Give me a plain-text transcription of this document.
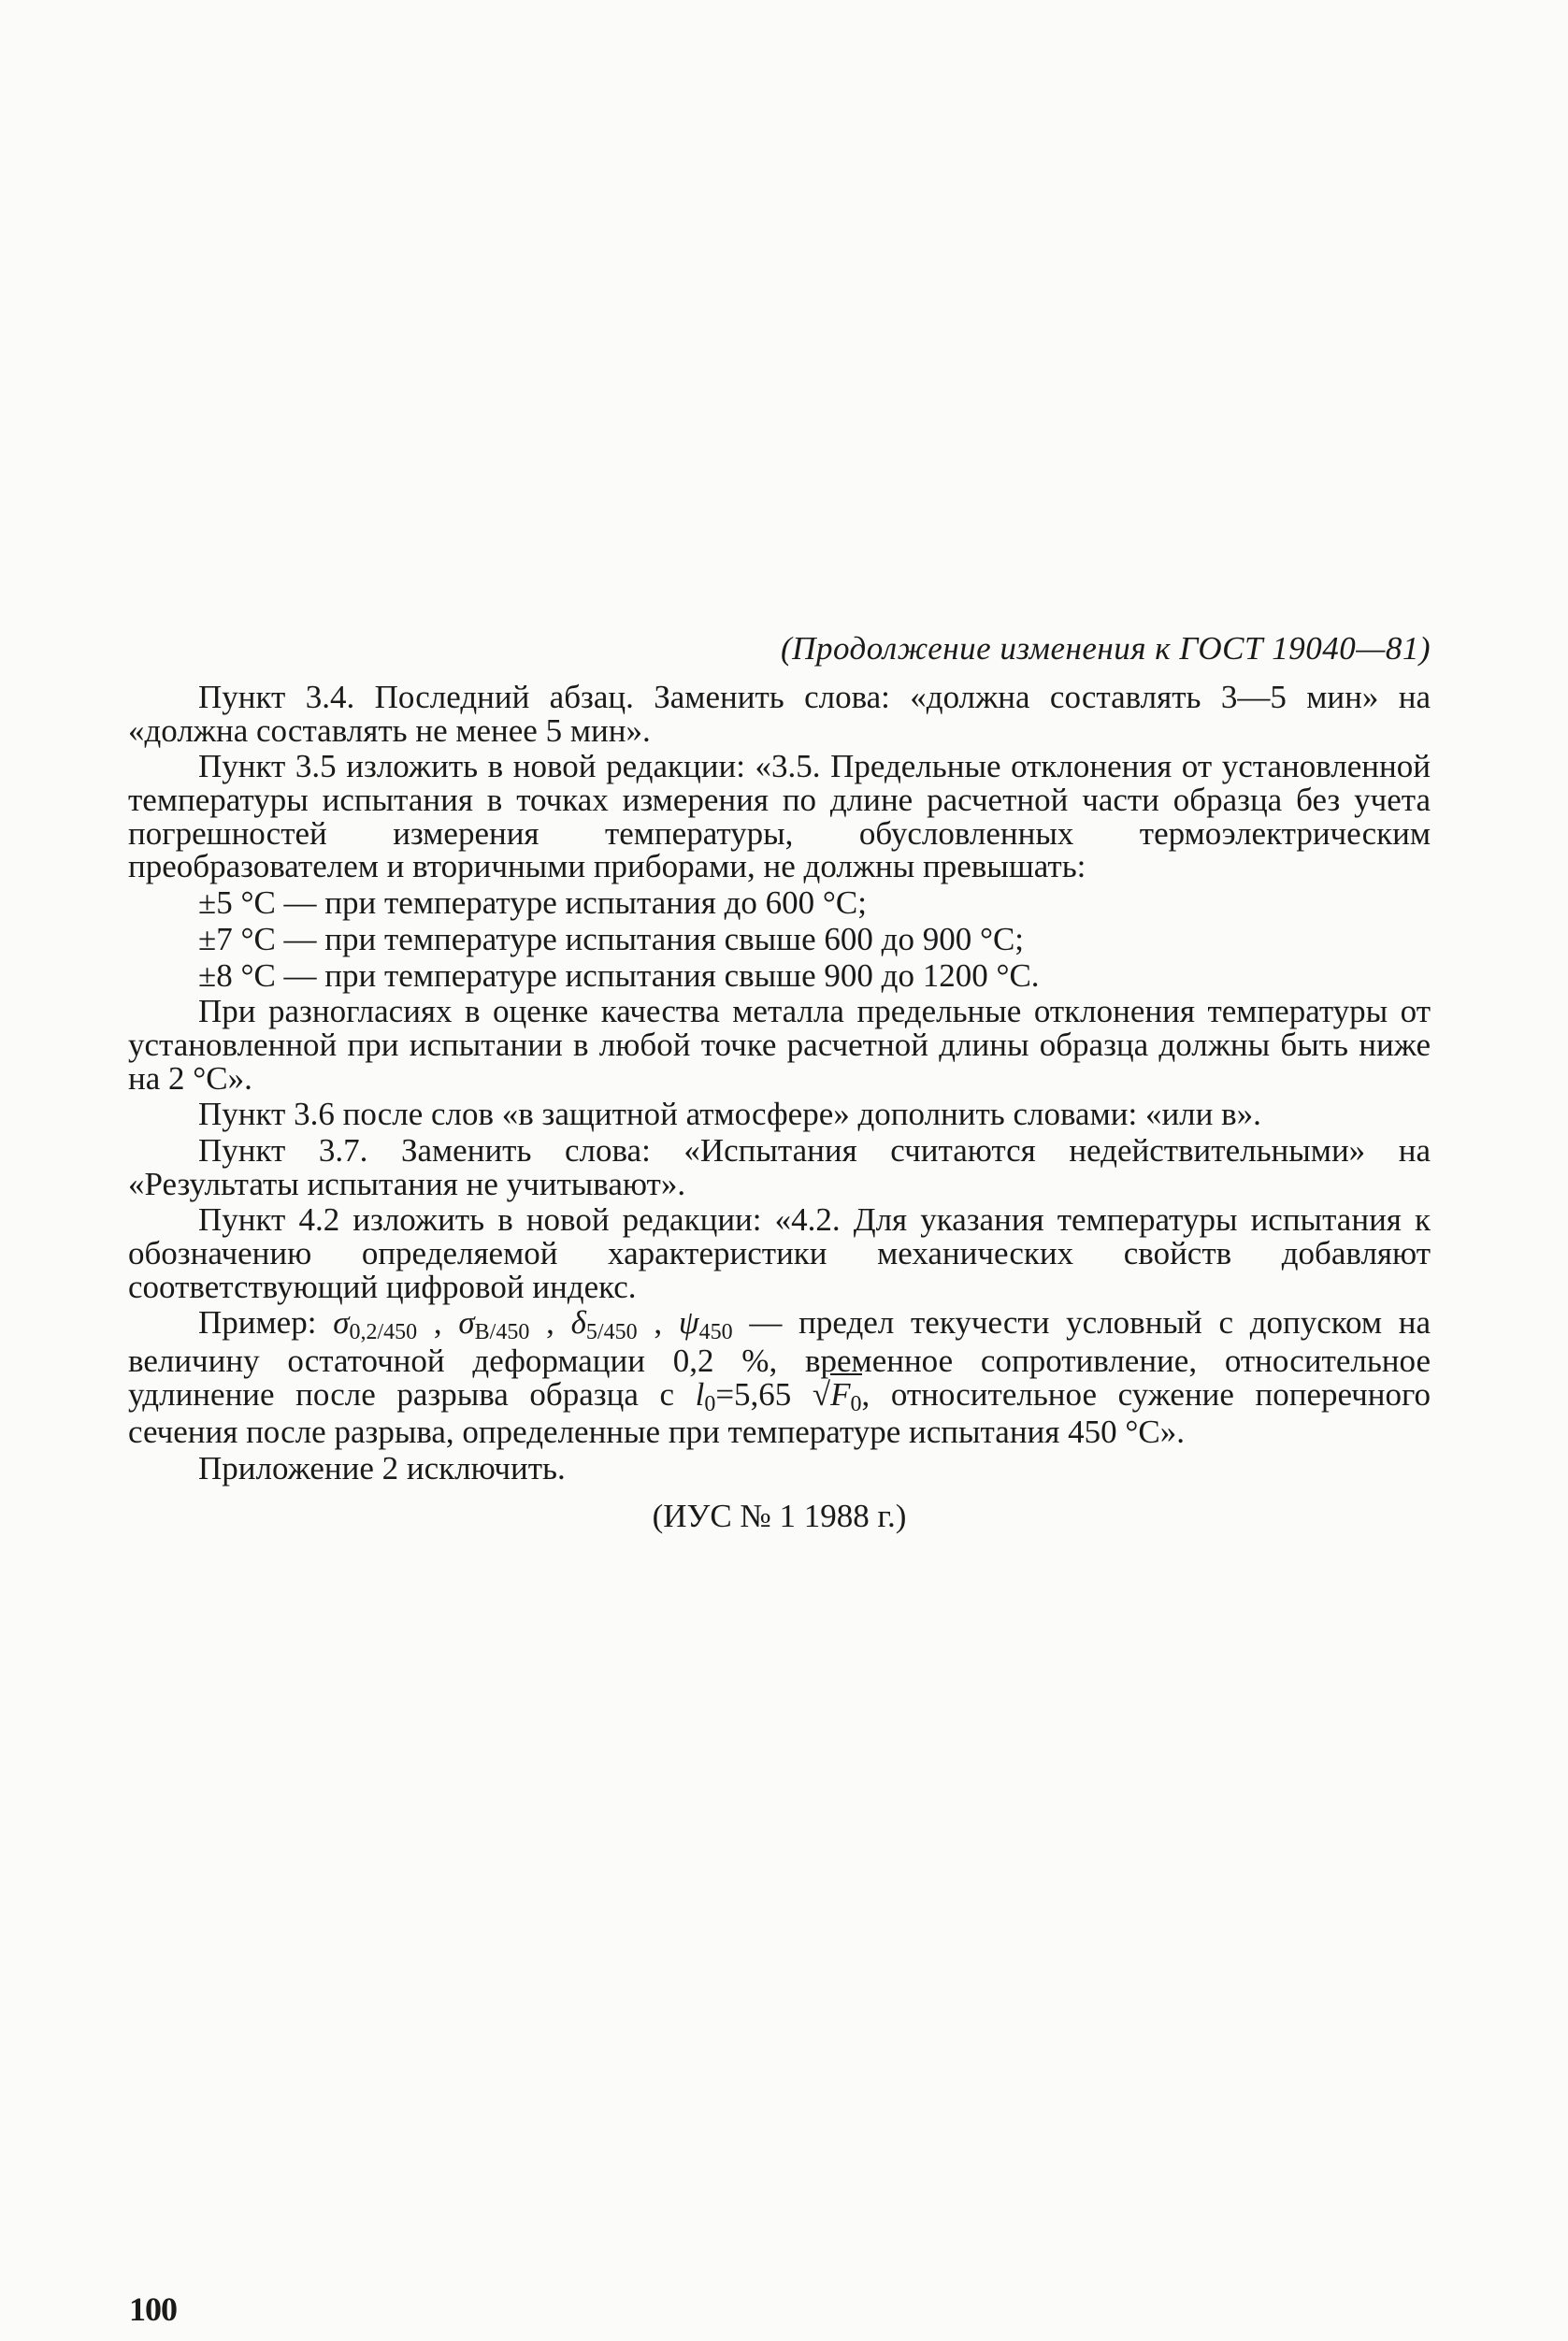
(Продолжение изменения к ГОСТ 19040—81)

Пункт 3.4. Последний абзац. Заменить слова: «должна составлять 3—5 мин» на «должна составлять не менее 5 мин».

Пункт 3.5 изложить в новой редакции: «3.5. Предельные отклонения от установленной температуры испытания в точках измерения по длине расчетной части образца без учета погрешностей измерения температуры, обусловленных термоэлектрическим преобразователем и вторичными приборами, не должны превышать:

±5 °С — при температуре испытания до 600 °С;

±7 °С — при температуре испытания свыше 600 до 900 °С;

±8 °С — при температуре испытания свыше 900 до 1200 °С.

При разногласиях в оценке качества металла предельные отклонения температуры от установленной при испытании в любой точке расчетной длины образца должны быть ниже на 2 °С».

Пункт 3.6 после слов «в защитной атмосфере» дополнить словами: «или в».

Пункт 3.7. Заменить слова: «Испытания считаются недействительными» на «Результаты испытания не учитывают».

Пункт 4.2 изложить в новой редакции: «4.2. Для указания температуры испытания к обозначению определяемой характеристики механических свойств добавляют соответствующий цифровой индекс.

Пример: $\sigma_{0,2/450}$ , $\sigma_{В/450}$ , $\delta_{5/450}$ , $\psi_{450}$ — предел текучести условный с допуском на величину остаточной деформации 0,2 %, временное сопротивление, относительное удлинение после разрыва образца с $l_0=5,65$ $√F_0$, относительное сужение поперечного сечения после разрыва, определенные при температуре испытания 450 °С».

Приложение 2 исключить.

(ИУС № 1 1988 г.)

100
